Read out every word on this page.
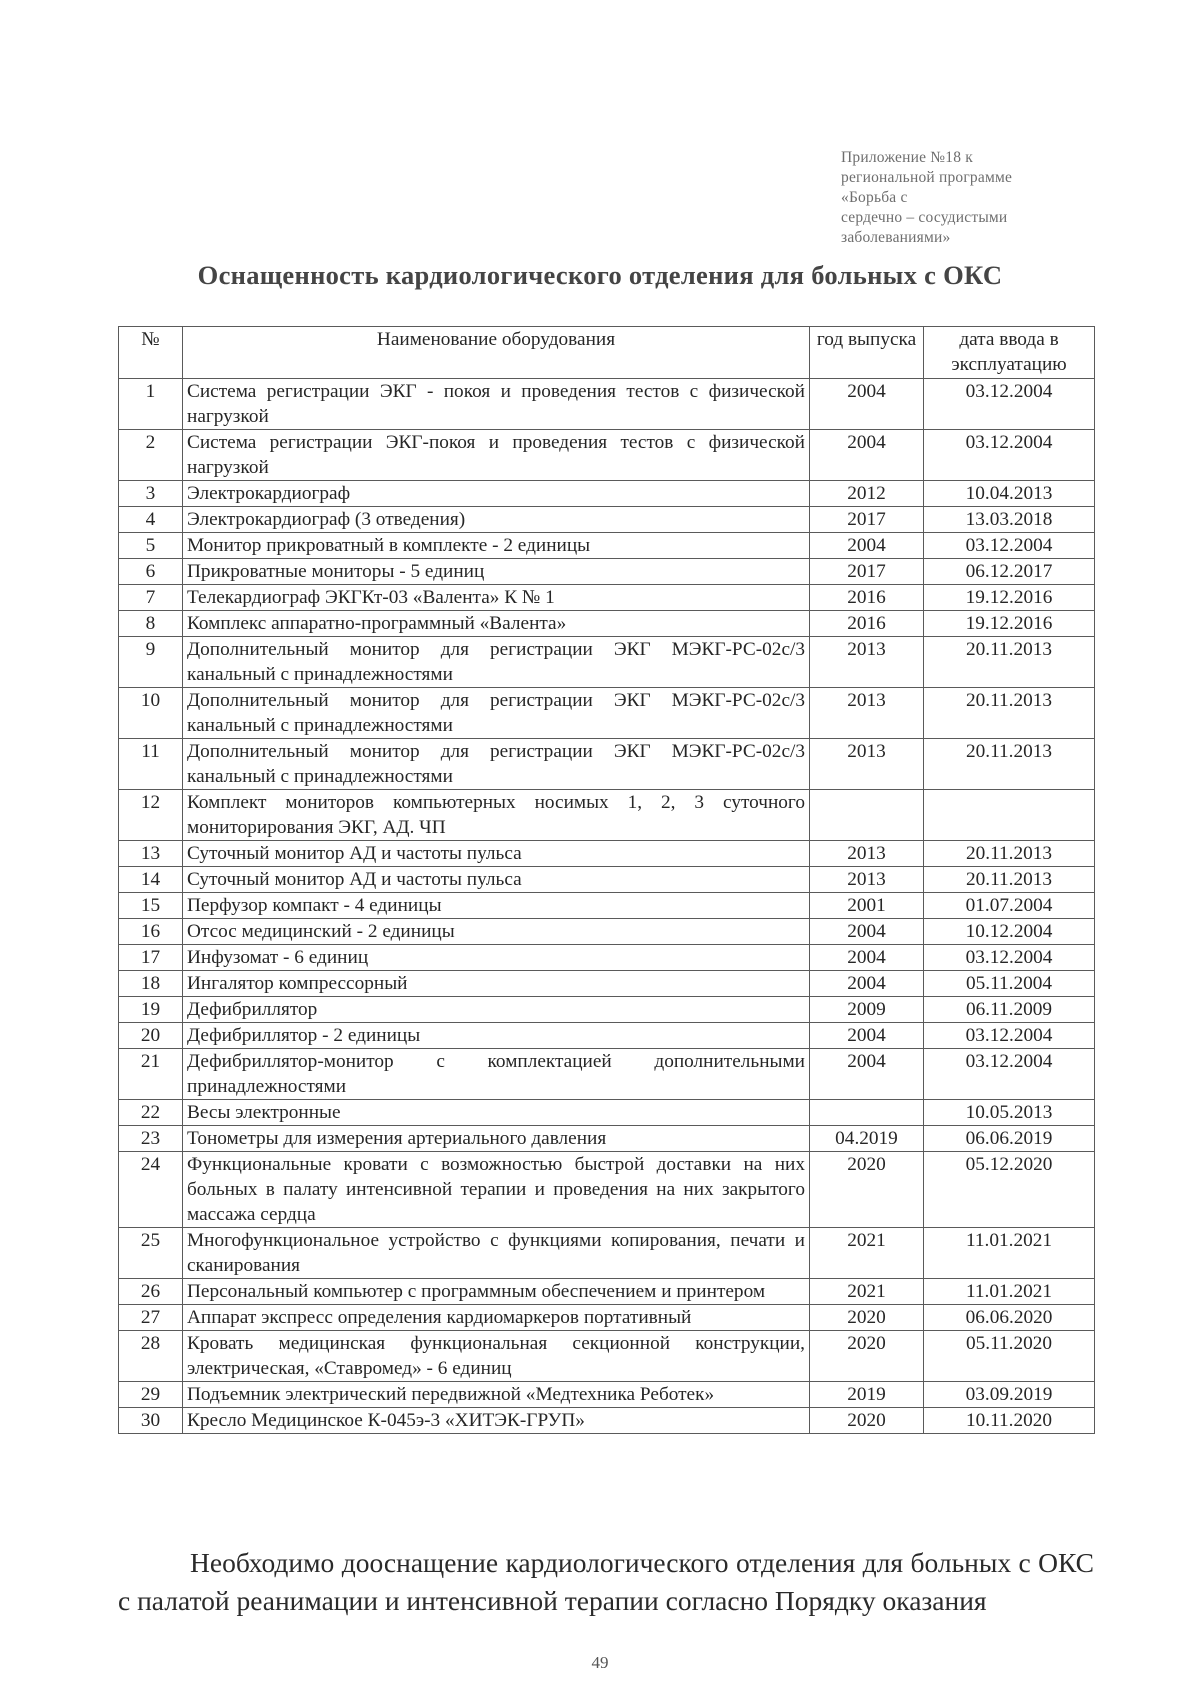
Приложение №18 к
региональной программе
«Борьба с
сердечно – сосудистыми
заболеваниями»
Оснащенность кардиологического отделения для больных с ОКС
№	Наименование оборудования	год выпуска	дата ввода в эксплуатацию
1	Система регистрации ЭКГ - покоя и проведения тестов с физической нагрузкой	2004	03.12.2004
2	Система регистрации ЭКГ-покоя и проведения тестов с физической нагрузкой	2004	03.12.2004
3	Электрокардиограф	2012	10.04.2013
4	Электрокардиограф (3 отведения)	2017	13.03.2018
5	Монитор прикроватный в комплекте - 2 единицы	2004	03.12.2004
6	Прикроватные мониторы - 5 единиц	2017	06.12.2017
7	Телекардиограф ЭКГКт-03 «Валента» К № 1	2016	19.12.2016
8	Комплекс аппаратно-программный «Валента»	2016	19.12.2016
9	Дополнительный монитор для регистрации ЭКГ МЭКГ-РС-02с/3 канальный с принадлежностями	2013	20.11.2013
10	Дополнительный монитор для регистрации ЭКГ МЭКГ-РС-02с/3 канальный с принадлежностями	2013	20.11.2013
11	Дополнительный монитор для регистрации ЭКГ МЭКГ-РС-02с/3 канальный с принадлежностями	2013	20.11.2013
12	Комплект мониторов компьютерных носимых 1, 2, 3 суточного мониторирования ЭКГ, АД. ЧП		
13	Суточный монитор АД и частоты пульса	2013	20.11.2013
14	Суточный монитор АД и частоты пульса	2013	20.11.2013
15	Перфузор компакт - 4 единицы	2001	01.07.2004
16	Отсос медицинский - 2 единицы	2004	10.12.2004
17	Инфузомат - 6 единиц	2004	03.12.2004
18	Ингалятор компрессорный	2004	05.11.2004
19	Дефибриллятор	2009	06.11.2009
20	Дефибриллятор - 2 единицы	2004	03.12.2004
21	Дефибриллятор-монитор с комплектацией дополнительными принадлежностями	2004	03.12.2004
22	Весы электронные		10.05.2013
23	Тонометры для измерения артериального давления	04.2019	06.06.2019
24	Функциональные кровати с возможностью быстрой доставки на них больных в палату интенсивной терапии и проведения на них закрытого массажа сердца	2020	05.12.2020
25	Многофункциональное устройство с функциями копирования, печати и сканирования	2021	11.01.2021
26	Персональный компьютер с программным обеспечением и принтером	2021	11.01.2021
27	Аппарат экспресс определения кардиомаркеров портативный	2020	06.06.2020
28	Кровать медицинская функциональная секционной конструкции, электрическая, «Ставромед» - 6 единиц	2020	05.11.2020
29	Подъемник электрический передвижной «Медтехника Реботек»	2019	03.09.2019
30	Кресло Медицинское К-045э-3 «ХИТЭК-ГРУП»	2020	10.11.2020
Необходимо дооснащение кардиологического отделения для больных с ОКС с палатой реанимации и интенсивной терапии согласно Порядку оказания
49
